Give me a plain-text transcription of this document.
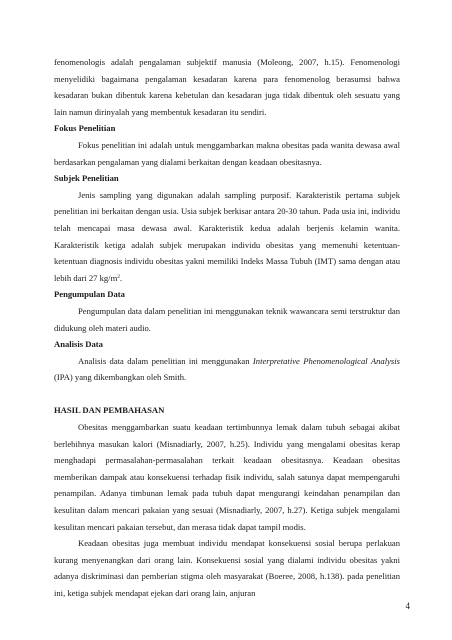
fenomenologis adalah pengalaman subjektif manusia (Moleong, 2007, h.15). Fenomenologi menyelidiki bagaimana pengalaman kesadaran karena para fenomenolog berasumsi bahwa kesadaran bukan dibentuk karena kebetulan dan kesadaran juga tidak dibentuk oleh sesuatu yang lain namun dirinyalah yang membentuk kesadaran itu sendiri.

Fokus Penelitian

Fokus penelitian ini adalah untuk menggambarkan makna obesitas pada wanita dewasa awal berdasarkan pengalaman yang dialami berkaitan dengan keadaan obesitasnya.

Subjek Penelitian

Jenis sampling yang digunakan adalah sampling purposif. Karakteristik pertama subjek penelitian ini berkaitan dengan usia. Usia subjek berkisar antara 20-30 tahun. Pada usia ini, individu telah mencapai masa dewasa awal. Karakteristik kedua adalah berjenis kelamin wanita. Karakteristik ketiga adalah subjek merupakan individu obesitas yang memenuhi ketentuan-ketentuan diagnosis individu obesitas yakni memiliki Indeks Massa Tubuh (IMT) sama dengan atau lebih dari 27 $kg/m^2$.

Pengumpulan Data

Pengumpulan data dalam penelitian ini menggunakan teknik wawancara semi terstruktur dan didukung oleh materi audio.

Analisis Data

Analisis data dalam penelitian ini menggunakan Interpretative Phenomenological Analysis (IPA) yang dikembangkan oleh Smith.

HASIL DAN PEMBAHASAN

Obesitas menggambarkan suatu keadaan tertimbunnya lemak dalam tubuh sebagai akibat berlebihnya masukan kalori (Misnadiarly, 2007, h.25). Individu yang mengalami obesitas kerap menghadapi permasalahan-permasalahan terkait keadaan obesitasnya. Keadaan obesitas memberikan dampak atau konsekuensi terhadap fisik individu, salah satunya dapat mempengaruhi penampilan. Adanya timbunan lemak pada tubuh dapat mengurangi keindahan penampilan dan kesulitan dalam mencari pakaian yang sesuai (Misnadiarly, 2007, h.27). Ketiga subjek mengalami kesulitan mencari pakaian tersebut, dan merasa tidak dapat tampil modis.

Keadaan obesitas juga membuat individu mendapat konsekuensi sosial berupa perlakuan kurang menyenangkan dari orang lain. Konsekuensi sosial yang dialami individu obesitas yakni adanya diskriminasi dan pemberian stigma oleh masyarakat (Boeree, 2008, h.138). pada penelitian ini, ketiga subjek mendapat ejekan dari orang lain, anjuran

4
